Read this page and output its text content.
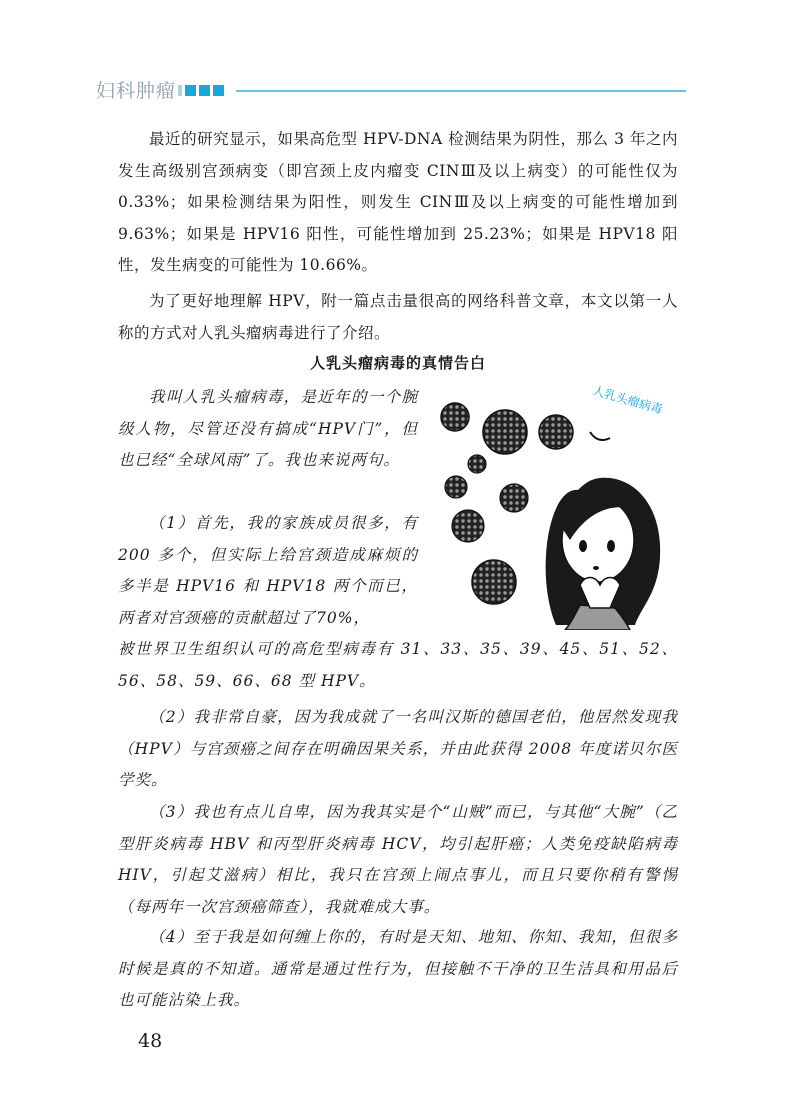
妇科肿瘤

最近的研究显示，如果高危型 HPV-DNA 检测结果为阴性，那么 3 年之内发生高级别宫颈病变（即宫颈上皮内瘤变 CINⅢ及以上病变）的可能性仅为 0.33%；如果检测结果为阳性，则发生 CINⅢ及以上病变的可能性增加到 9.63%；如果是 HPV16 阳性，可能性增加到 25.23%；如果是 HPV18 阳性，发生病变的可能性为 10.66%。

为了更好地理解 HPV，附一篇点击量很高的网络科普文章，本文以第一人称的方式对人乳头瘤病毒进行了介绍。

人乳头瘤病毒的真情告白

我叫人乳头瘤病毒，是近年的一个腕级人物，尽管还没有搞成“HPV门”，但也已经“全球风雨”了。我也来说两句。

（1）首先，我的家族成员很多，有 200 多个，但实际上给宫颈造成麻烦的多半是 HPV16 和 HPV18 两个而已，两者对宫颈癌的贡献超过了70%，

被世界卫生组织认可的高危型病毒有 31、33、35、39、45、51、52、56、58、59、66、68 型 HPV。

（2）我非常自豪，因为我成就了一名叫汉斯的德国老伯，他居然发现我（HPV）与宫颈癌之间存在明确因果关系，并由此获得 2008 年度诺贝尔医学奖。

（3）我也有点儿自卑，因为我其实是个“山贼”而已，与其他“大腕”（乙型肝炎病毒 HBV 和丙型肝炎病毒 HCV，均引起肝癌；人类免疫缺陷病毒 HIV，引起艾滋病）相比，我只在宫颈上闹点事儿，而且只要你稍有警惕（每两年一次宫颈癌筛查），我就难成大事。

（4）至于我是如何缠上你的，有时是天知、地知、你知、我知，但很多时候是真的不知道。通常是通过性行为，但接触不干净的卫生洁具和用品后也可能沾染上我。

人乳头瘤病毒
48
